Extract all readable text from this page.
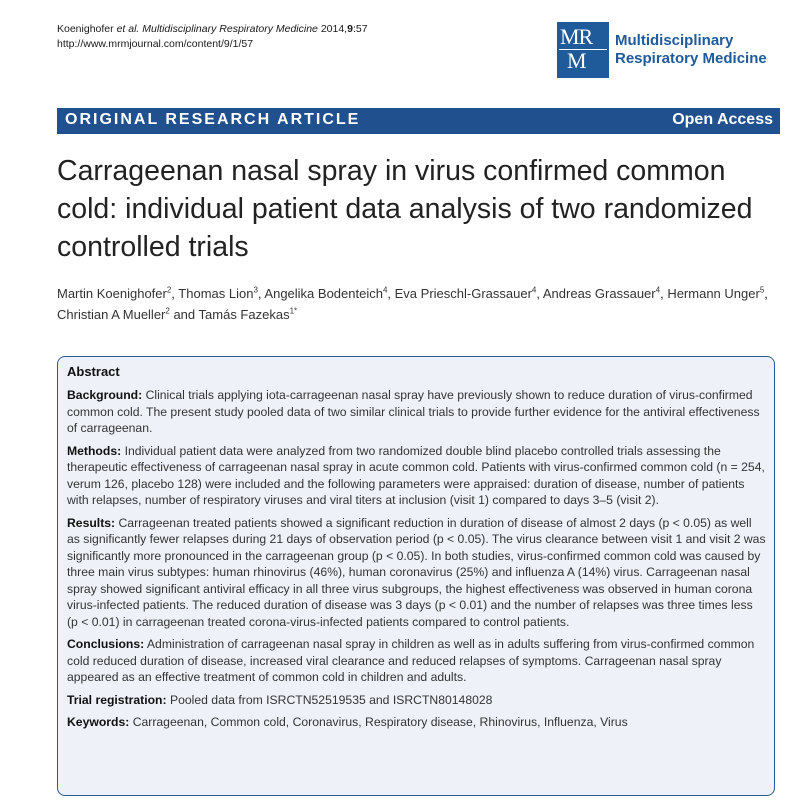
Koenighofer et al. Multidisciplinary Respiratory Medicine 2014,9:57
http://www.mrmjournal.com/content/9/1/57	MR
M
Multidisciplinary
Respiratory Medicine
ORIGINAL RESEARCH ARTICLE	Open Access
Carrageenan nasal spray in virus confirmed common cold: individual patient data analysis of two randomized controlled trials
Martin Koenighofer$^2$, Thomas Lion$^3$, Angelika Bodenteich$^4$, Eva Prieschl-Grassauer$^4$, Andreas Grassauer$^4$, Hermann Unger$^5$, Christian A Mueller$^2$ and Tamás Fazekas$^{1*}$
Abstract

Background: Clinical trials applying iota-carrageenan nasal spray have previously shown to reduce duration of virus-confirmed common cold. The present study pooled data of two similar clinical trials to provide further evidence for the antiviral effectiveness of carrageenan.

Methods: Individual patient data were analyzed from two randomized double blind placebo controlled trials assessing the therapeutic effectiveness of carrageenan nasal spray in acute common cold. Patients with virus-confirmed common cold (n = 254, verum 126, placebo 128) were included and the following parameters were appraised: duration of disease, number of patients with relapses, number of respiratory viruses and viral titers at inclusion (visit 1) compared to days 3–5 (visit 2).

Results: Carrageenan treated patients showed a significant reduction in duration of disease of almost 2 days (p < 0.05) as well as significantly fewer relapses during 21 days of observation period (p < 0.05). The virus clearance between visit 1 and visit 2 was significantly more pronounced in the carrageenan group (p < 0.05). In both studies, virus-confirmed common cold was caused by three main virus subtypes: human rhinovirus (46%), human coronavirus (25%) and influenza A (14%) virus. Carrageenan nasal spray showed significant antiviral efficacy in all three virus subgroups, the highest effectiveness was observed in human corona virus-infected patients. The reduced duration of disease was 3 days (p < 0.01) and the number of relapses was three times less (p < 0.01) in carrageenan treated corona-virus-infected patients compared to control patients.

Conclusions: Administration of carrageenan nasal spray in children as well as in adults suffering from virus-confirmed common cold reduced duration of disease, increased viral clearance and reduced relapses of symptoms. Carrageenan nasal spray appeared as an effective treatment of common cold in children and adults.

Trial registration: Pooled data from ISRCTN52519535 and ISRCTN80148028

Keywords: Carrageenan, Common cold, Coronavirus, Respiratory disease, Rhinovirus, Influenza, Virus
